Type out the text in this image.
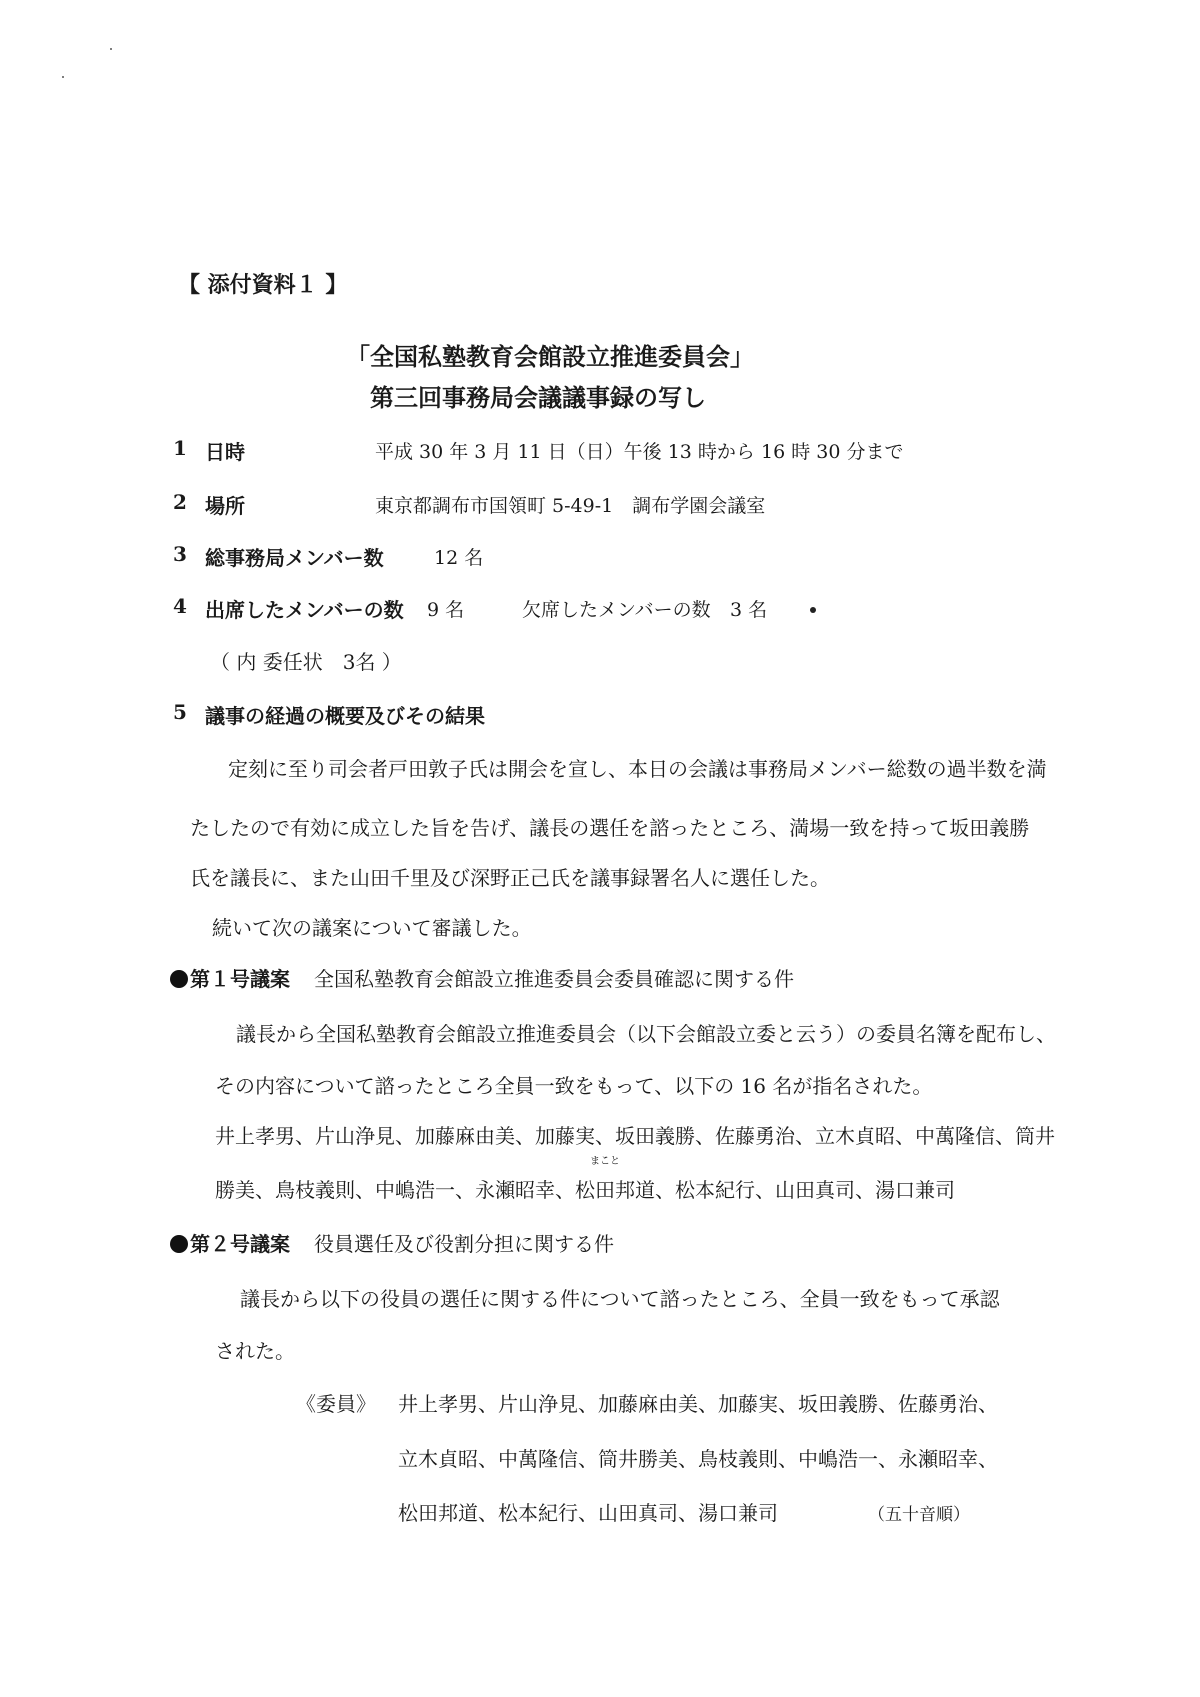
【 添付資料１ 】
「全国私塾教育会館設立推進委員会」
第三回事務局会議議事録の写し
1 日時	平成 30 年 3 月 11 日（日）午後 13 時から 16 時 30 分まで
2 場所	東京都調布市国領町 5-49-1　調布学園会議室
3 総事務局メンバー数	12 名
4 出席したメンバーの数 9 名	欠席したメンバーの数 3 名
（ 内 委任状　3名 ）
5 議事の経過の概要及びその結果
定刻に至り司会者戸田敦子氏は開会を宣し、本日の会議は事務局メンバー総数の過半数を満
たしたので有効に成立した旨を告げ、議長の選任を諮ったところ、満場一致を持って坂田義勝
氏を議長に、また山田千里及び深野正己氏を議事録署名人に選任した。
続いて次の議案について審議した。
第１号議案 全国私塾教育会館設立推進委員会委員確認に関する件
議長から全国私塾教育会館設立推進委員会（以下会館設立委と云う）の委員名簿を配布し、
その内容について諮ったところ全員一致をもって、以下の 16 名が指名された。
井上孝男、片山浄見、加藤麻由美、加藤実、坂田義勝、佐藤勇治、立木貞昭、中萬隆信、筒井
まこと
勝美、鳥枝義則、中嶋浩一、永瀬昭幸、松田邦道、松本紀行、山田真司、湯口兼司
第２号議案 役員選任及び役割分担に関する件
議長から以下の役員の選任に関する件について諮ったところ、全員一致をもって承認
された。
《委員》 井上孝男、片山浄見、加藤麻由美、加藤実、坂田義勝、佐藤勇治、
立木貞昭、中萬隆信、筒井勝美、鳥枝義則、中嶋浩一、永瀬昭幸、
松田邦道、松本紀行、山田真司、湯口兼司	（五十音順）
